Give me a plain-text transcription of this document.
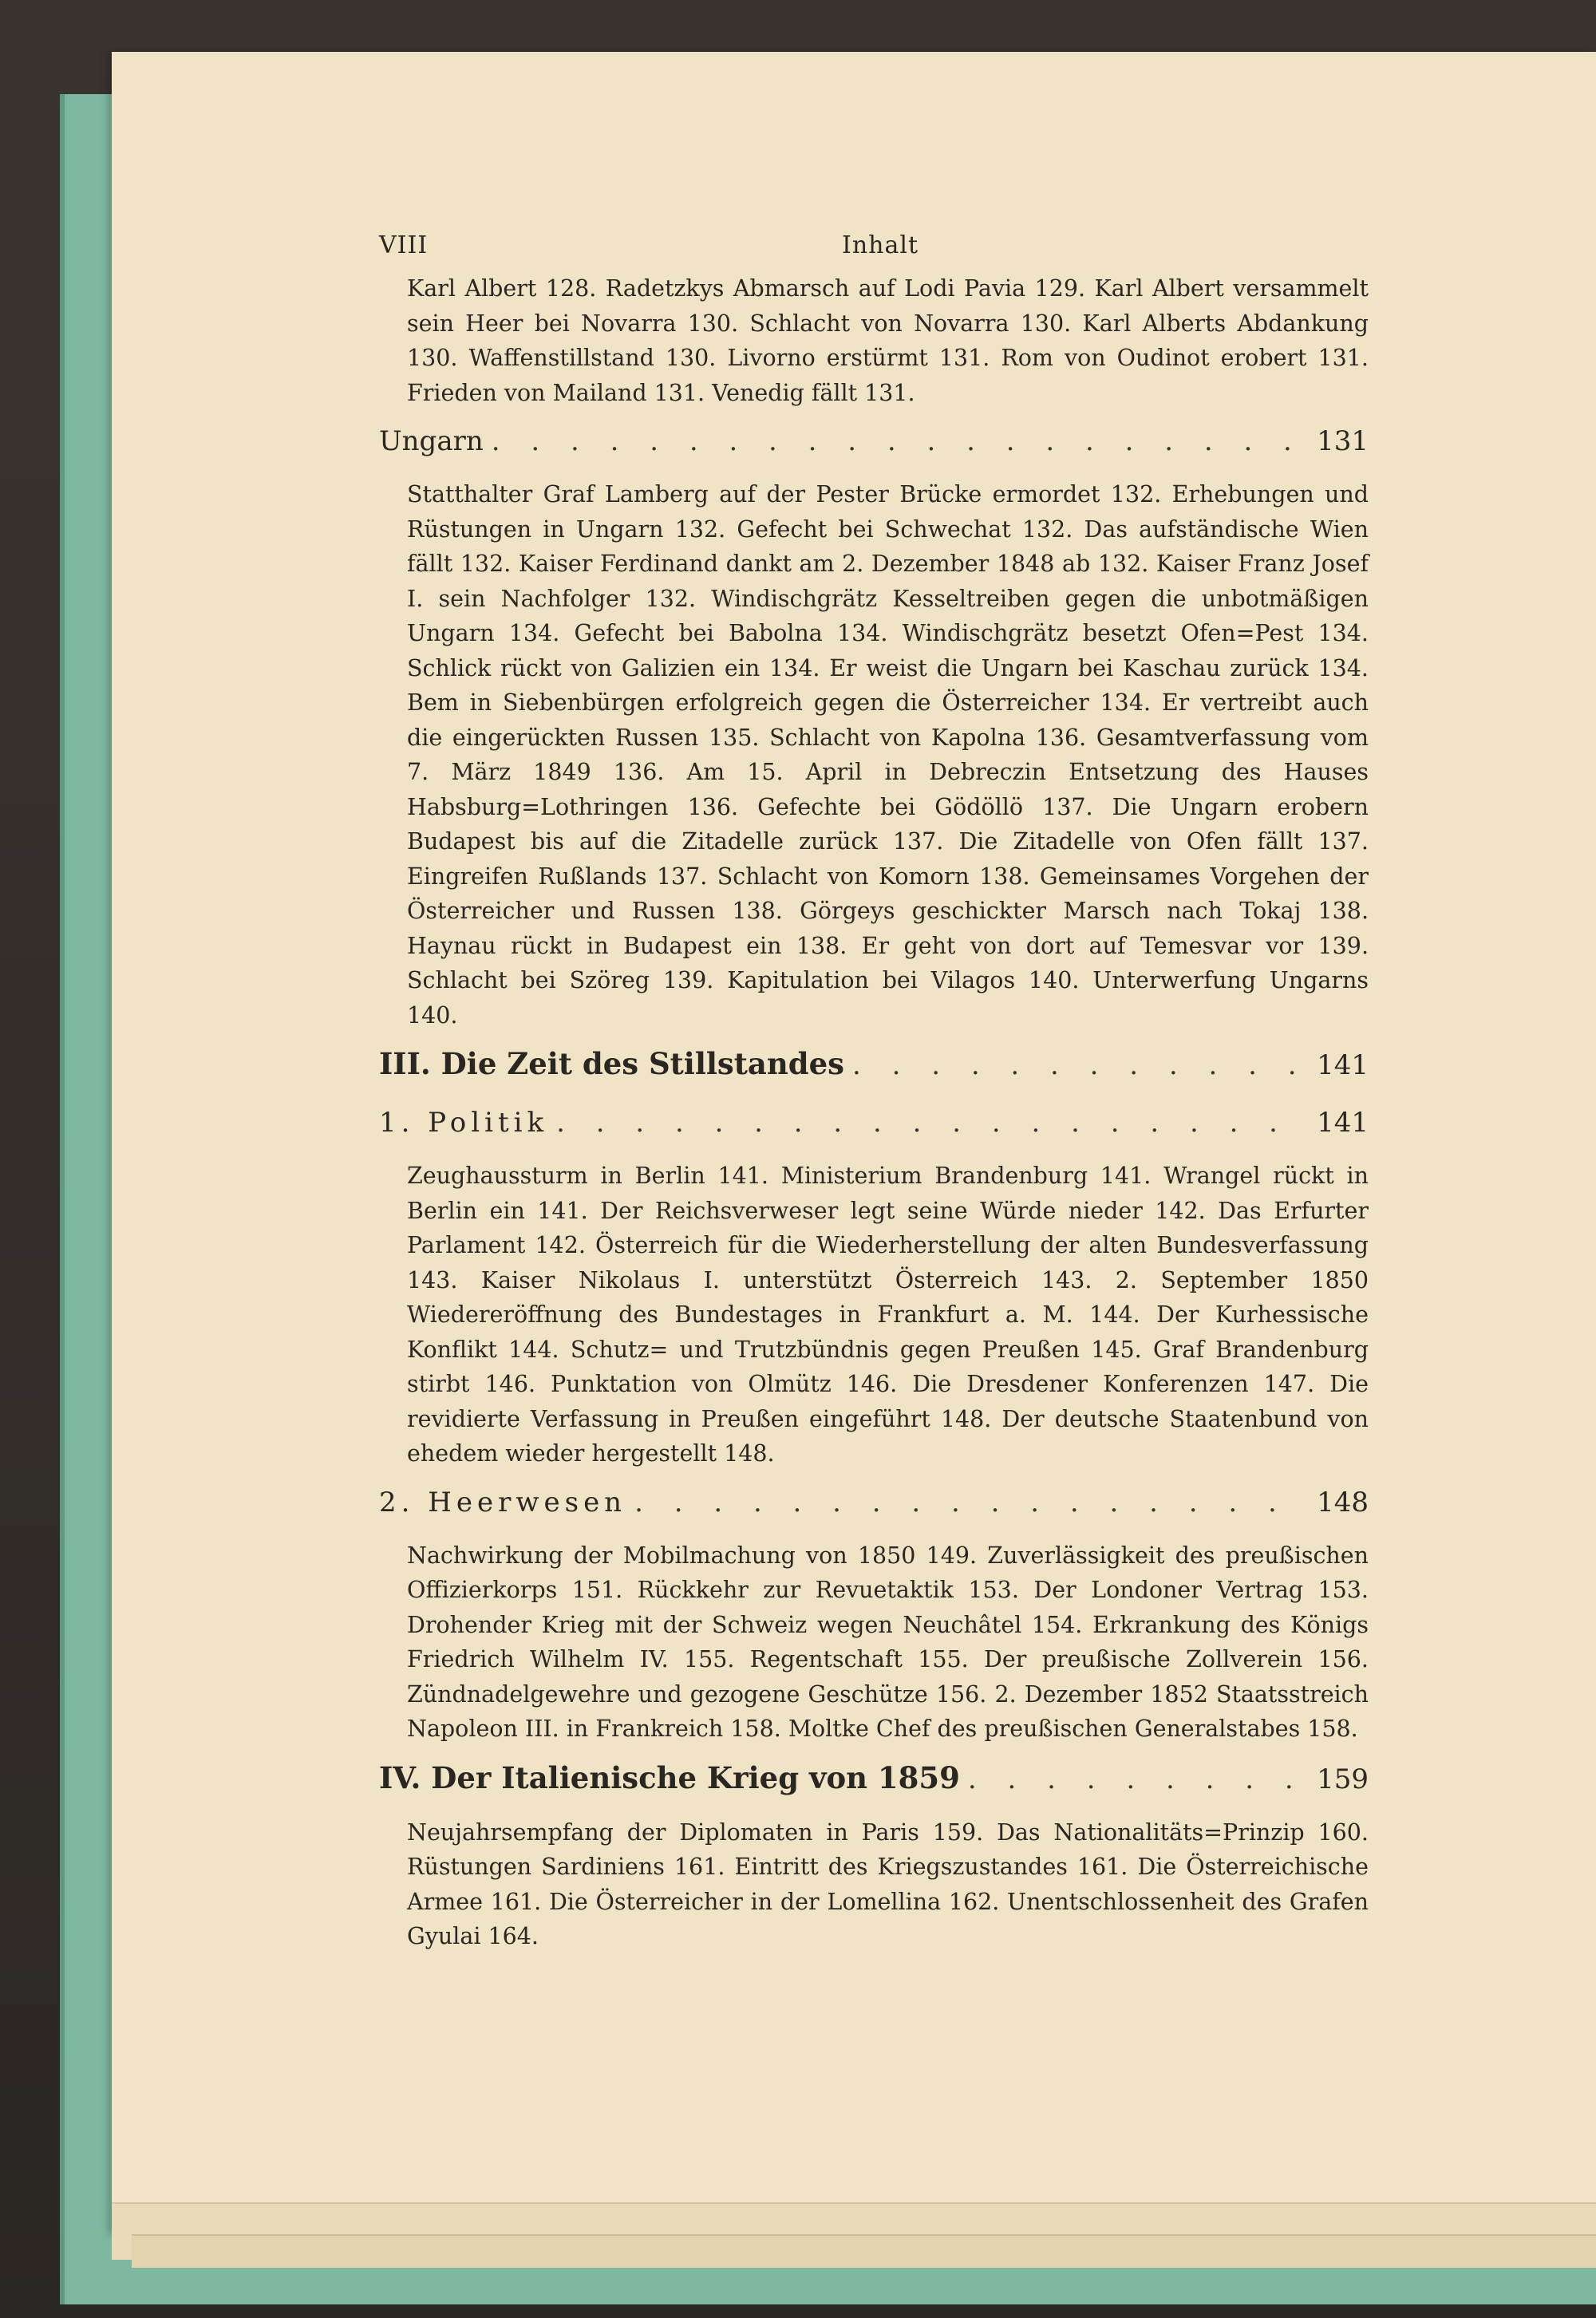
VIII	Inhalt

Karl Albert 128. Radetzkys Abmarsch auf Lodi Pavia 129. Karl Albert versammelt sein Heer bei Novarra 130. Schlacht von Novarra 130. Karl Alberts Abdankung 130. Waffenstillstand 130. Livorno erstürmt 131. Rom von Oudinot erobert 131. Frieden von Mailand 131. Venedig fällt 131.

Ungarn . . .	131

Statthalter Graf Lamberg auf der Pester Brücke ermordet 132. Erhebungen und Rüstungen in Ungarn 132. Gefecht bei Schwechat 132. Das aufständische Wien fällt 132. Kaiser Ferdinand dankt am 2. Dezember 1848 ab 132. Kaiser Franz Josef I. sein Nachfolger 132. Windischgrätz Kesseltreiben gegen die unbotmäßigen Ungarn 134. Gefecht bei Babolna 134. Windischgrätz besetzt Ofen=Pest 134. Schlick rückt von Galizien ein 134. Er weist die Ungarn bei Kaschau zurück 134. Bem in Siebenbürgen erfolgreich gegen die Österreicher 134. Er vertreibt auch die eingerückten Russen 135. Schlacht von Kapolna 136. Gesamtverfassung vom 7. März 1849 136. Am 15. April in Debreczin Entsetzung des Hauses Habsburg=Lothringen 136. Gefechte bei Gödöllö 137. Die Ungarn erobern Budapest bis auf die Zitadelle zurück 137. Die Zitadelle von Ofen fällt 137. Eingreifen Rußlands 137. Schlacht von Komorn 138. Gemeinsames Vorgehen der Österreicher und Russen 138. Görgeys geschickter Marsch nach Tokaj 138. Haynau rückt in Budapest ein 138. Er geht von dort auf Temesvar vor 139. Schlacht bei Szöreg 139. Kapitulation bei Vilagos 140. Unterwerfung Ungarns 140.

III. Die Zeit des Stillstandes . . .	141
1. Politik . . .	141

Zeughaussturm in Berlin 141. Ministerium Brandenburg 141. Wrangel rückt in Berlin ein 141. Der Reichsverweser legt seine Würde nieder 142. Das Erfurter Parlament 142. Österreich für die Wiederherstellung der alten Bundesverfassung 143. Kaiser Nikolaus I. unterstützt Österreich 143. 2. September 1850 Wiedereröffnung des Bundestages in Frankfurt a. M. 144. Der Kurhessische Konflikt 144. Schutz= und Trutzbündnis gegen Preußen 145. Graf Brandenburg stirbt 146. Punktation von Olmütz 146. Die Dresdener Konferenzen 147. Die revidierte Verfassung in Preußen eingeführt 148. Der deutsche Staatenbund von ehedem wieder hergestellt 148.

2. Heerwesen . . .	148

Nachwirkung der Mobilmachung von 1850 149. Zuverlässigkeit des preußischen Offizierkorps 151. Rückkehr zur Revuetaktik 153. Der Londoner Vertrag 153. Drohender Krieg mit der Schweiz wegen Neuchâtel 154. Erkrankung des Königs Friedrich Wilhelm IV. 155. Regentschaft 155. Der preußische Zollverein 156. Zündnadelgewehre und gezogene Geschütze 156. 2. Dezember 1852 Staatsstreich Napoleon III. in Frankreich 158. Moltke Chef des preußischen Generalstabes 158.

IV. Der Italienische Krieg von 1859 . . .	159

Neujahrsempfang der Diplomaten in Paris 159. Das Nationalitäts=Prinzip 160. Rüstungen Sardiniens 161. Eintritt des Kriegszustandes 161. Die Österreichische Armee 161. Die Österreicher in der Lomellina 162. Unentschlossenheit des Grafen Gyulai 164.
